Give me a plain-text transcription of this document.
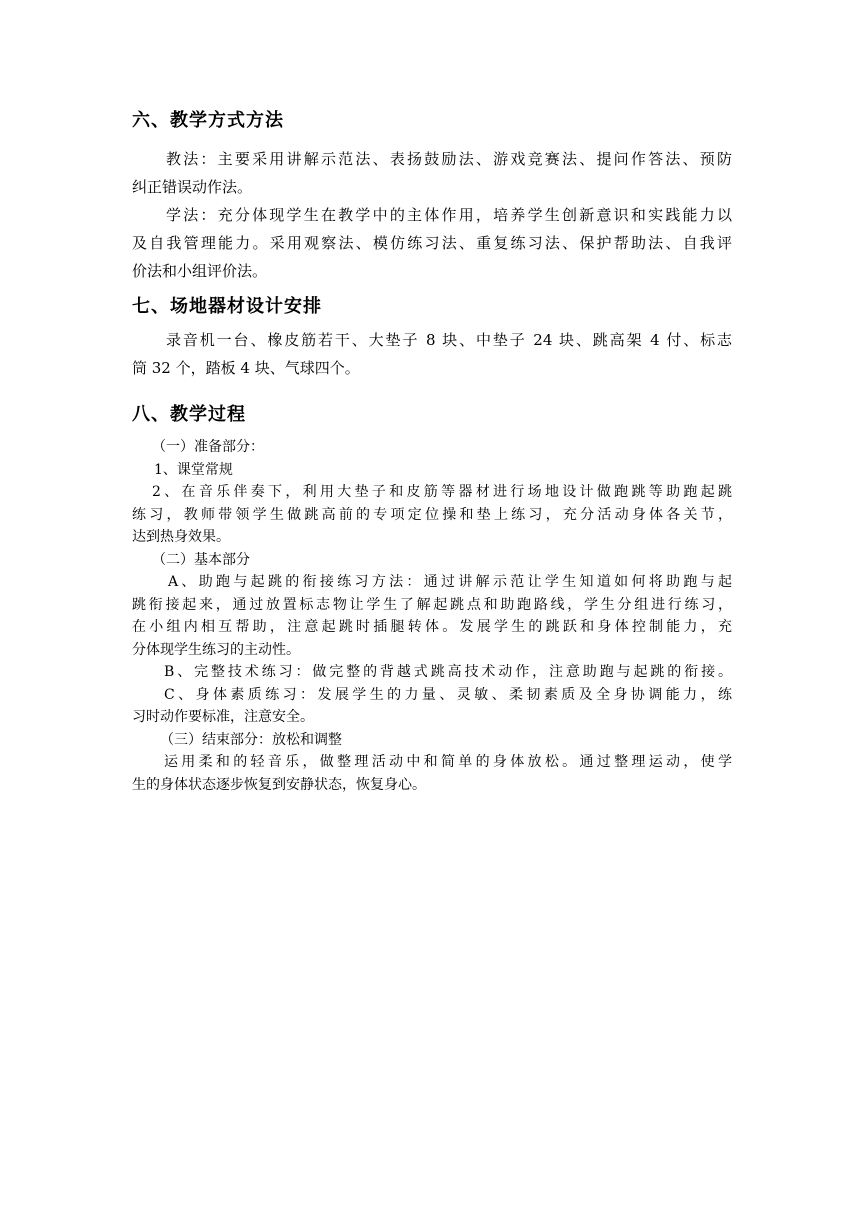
六、教学方式方法
教法：主要采用讲解示范法、表扬鼓励法、游戏竞赛法、提问作答法、预防
纠正错误动作法。
学法：充分体现学生在教学中的主体作用，培养学生创新意识和实践能力以
及自我管理能力。采用观察法、模仿练习法、重复练习法、保护帮助法、自我评
价法和小组评价法。
七、场地器材设计安排
录音机一台、橡皮筋若干、大垫子 8 块、中垫子 24 块、跳高架 4 付、标志
筒 32 个，踏板 4 块、气球四个。
八、教学过程
（一）准备部分：
1、课堂常规
2、在音乐伴奏下，利用大垫子和皮筋等器材进行场地设计做跑跳等助跑起跳
练习，教师带领学生做跳高前的专项定位操和垫上练习，充分活动身体各关节，
达到热身效果。
（二）基本部分
A、助跑与起跳的衔接练习方法：通过讲解示范让学生知道如何将助跑与起
跳衔接起来，通过放置标志物让学生了解起跳点和助跑路线，学生分组进行练习，
在小组内相互帮助，注意起跳时插腿转体。发展学生的跳跃和身体控制能力，充
分体现学生练习的主动性。
B、完整技术练习：做完整的背越式跳高技术动作，注意助跑与起跳的衔接。
C、身体素质练习：发展学生的力量、灵敏、柔韧素质及全身协调能力，练
习时动作要标准，注意安全。
（三）结束部分：放松和调整
运用柔和的轻音乐，做整理活动中和简单的身体放松。通过整理运动，使学
生的身体状态逐步恢复到安静状态，恢复身心。
